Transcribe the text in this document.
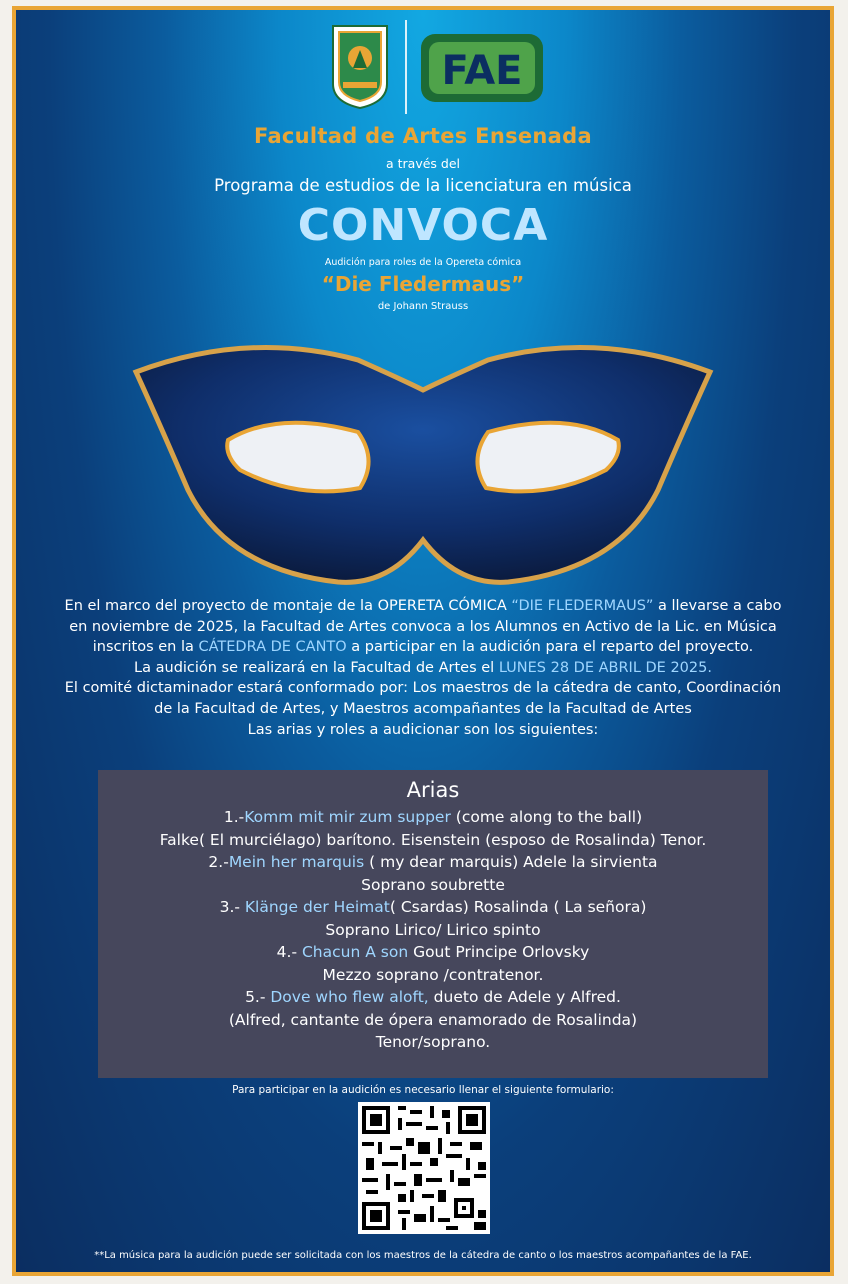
FAE
Facultad de Artes Ensenada
a través del
Programa de estudios de la licenciatura en música
CONVOCA
Audición para roles de la Opereta cómica
“Die Fledermaus”
de Johann Strauss
En el marco del proyecto de montaje de la OPERETA CÓMICA “DIE FLEDERMAUS” a llevarse a cabo en noviembre de 2025, la Facultad de Artes convoca a los Alumnos en Activo de la Lic. en Música inscritos en la CÁTEDRA DE CANTO a participar en la audición para el reparto del proyecto.
La audición se realizará en la Facultad de Artes el LUNES 28 DE ABRIL DE 2025.
El comité dictaminador estará conformado por: Los maestros de la cátedra de canto, Coordinación de la Facultad de Artes, y Maestros acompañantes de la Facultad de Artes
Las arias y roles a audicionar son los siguientes:
Arias
1.-Komm mit mir zum supper (come along to the ball)
Falke( El murciélago) barítono. Eisenstein (esposo de Rosalinda) Tenor.
2.-Mein her marquis ( my dear marquis) Adele la sirvienta
Soprano soubrette
3.- Klänge der Heimat( Csardas) Rosalinda ( La señora)
Soprano Lirico/ Lirico spinto
4.- Chacun A son Gout Principe Orlovsky
Mezzo soprano /contratenor.
5.- Dove who flew aloft, dueto de Adele y Alfred.
(Alfred, cantante de ópera enamorado de Rosalinda)
Tenor/soprano.
Para participar en la audición es necesario llenar el siguiente formulario:
**La música para la audición puede ser solicitada con los maestros de la cátedra de canto o los maestros acompañantes de la FAE.
